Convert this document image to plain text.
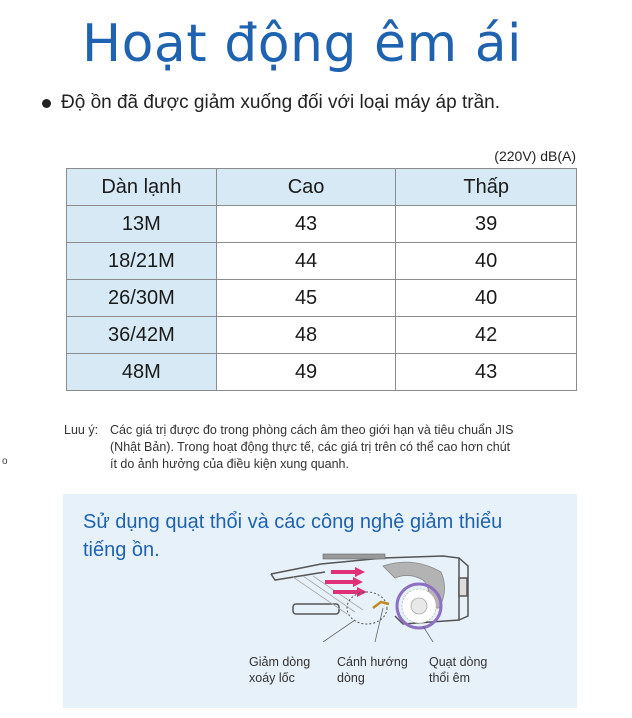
Hoạt động êm ái
Độ ồn đã được giảm xuống đối với loại máy áp trần.
(220V) dB(A)
Dàn lạnh	Cao	Thấp
13M	43	39
18/21M	44	40
26/30M	45	40
36/42M	48	42
48M	49	43
Luu ý: Các giá trị được đo trong phòng cách âm theo giới hạn và tiêu chuẩn JIS
(Nhật Bản). Trong hoạt động thực tế, các giá trị trên có thể cao hơn chút
ít do ảnh hưởng của điều kiện xung quanh.
o

Sử dụng quạt thổi và các công nghệ giảm thiểu
tiếng ồn.

Giảm dòng
xoáy lốc
Cánh hướng
dòng
Quạt dòng
thổi êm
